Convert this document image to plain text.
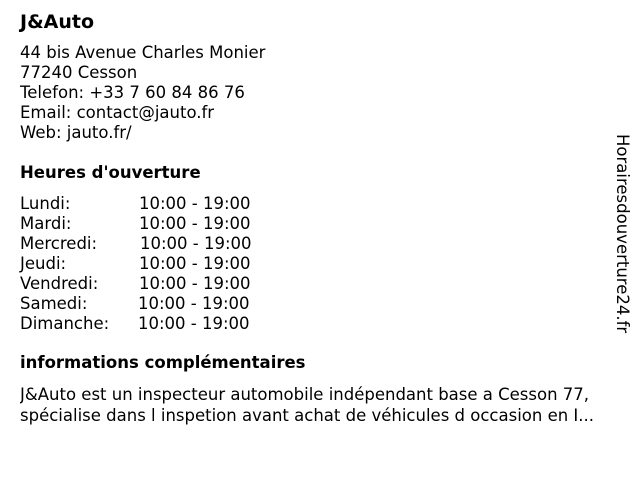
J&Auto
44 bis Avenue Charles Monier
77240 Cesson
Telefon: +33 7 60 84 86 76
Email: contact@jauto.fr
Web: jauto.fr/
Heures d'ouverture
Lundi:	10:00 - 19:00
Mardi:	10:00 - 19:00
Mercredi:	10:00 - 19:00
Jeudi:	10:00 - 19:00
Vendredi: 10:00 - 19:00
Samedi:	10:00 - 19:00
Dimanche: 10:00 - 19:00
informations complémentaires
J&Auto est un inspecteur automobile indépendant base a Cesson 77,
spécialise dans l inspetion avant achat de véhicules d occasion en I...
Horairesdouverture24.fr
